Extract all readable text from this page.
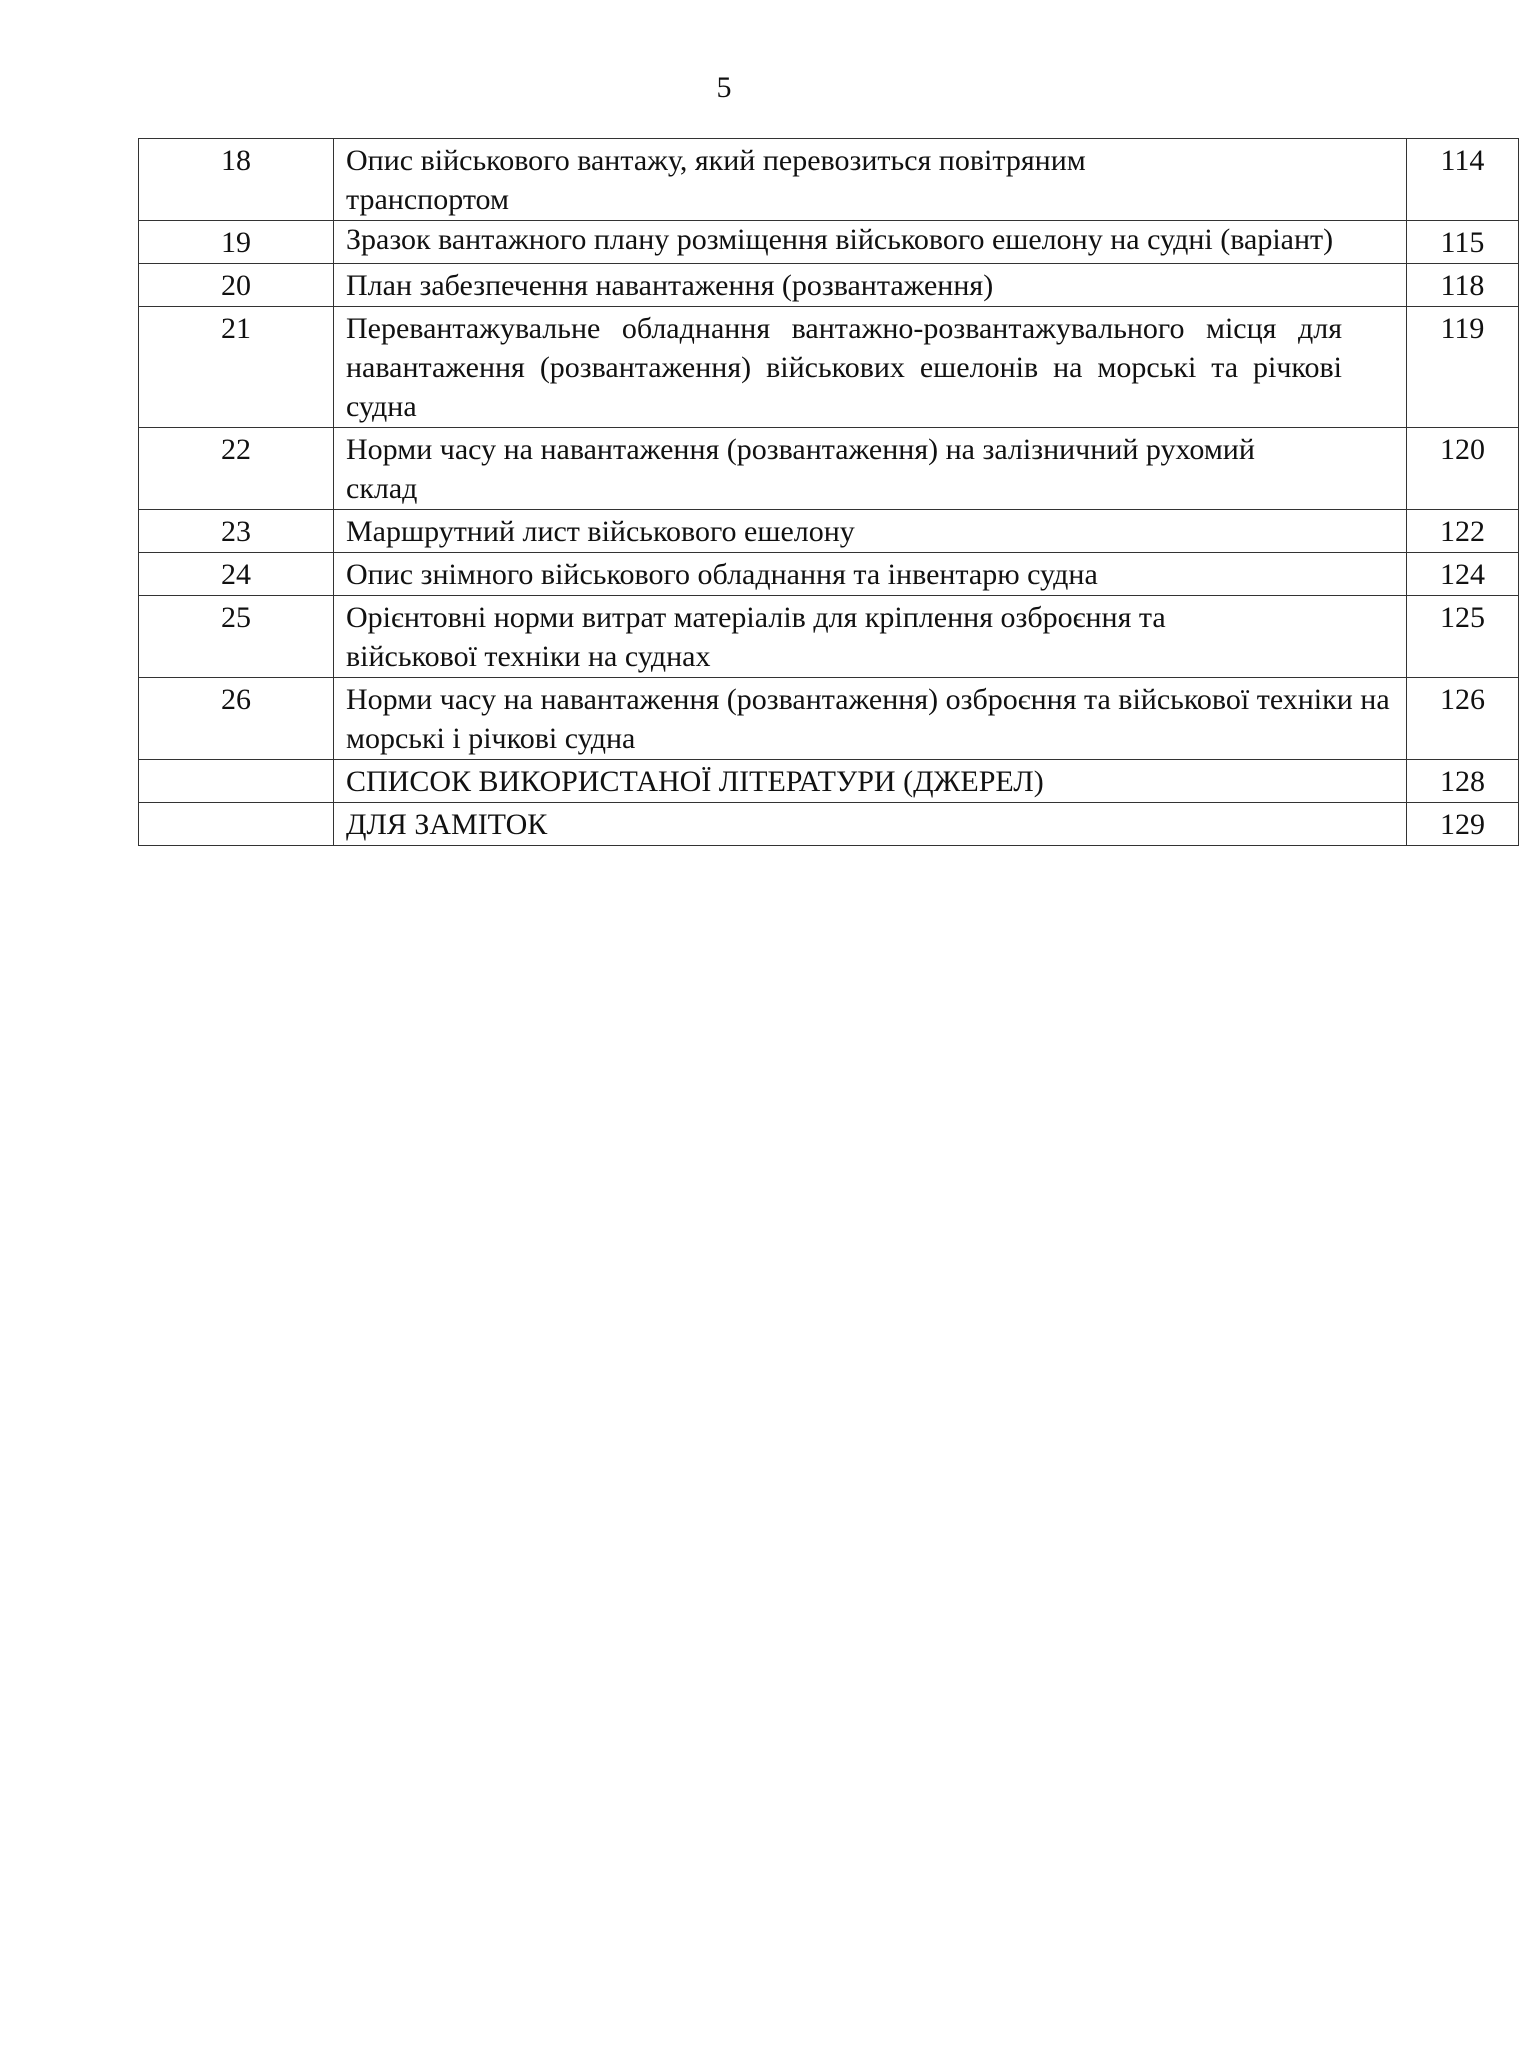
5
18	Опис військового вантажу, який перевозиться повітряним транспортом	114
19	Зразок вантажного плану розміщення військового ешелону на судні (варіант)	115
20	План забезпечення навантаження (розвантаження)	118
21	Перевантажувальне обладнання вантажно-розвантажувального місця для навантаження (розвантаження) військових ешелонів на морські та річкові судна	119
22	Норми часу на навантаження (розвантаження) на залізничний рухомий склад	120
23	Маршрутний лист військового ешелону	122
24	Опис знімного військового обладнання та інвентарю судна	124
25	Орієнтовні норми витрат матеріалів для кріплення озброєння та військової техніки на суднах	125
26	Норми часу на навантаження (розвантаження) озброєння та військової техніки на морські і річкові судна	126
	СПИСОК ВИКОРИСТАНОЇ ЛІТЕРАТУРИ (ДЖЕРЕЛ)	128
	ДЛЯ ЗАМІТОК	129
